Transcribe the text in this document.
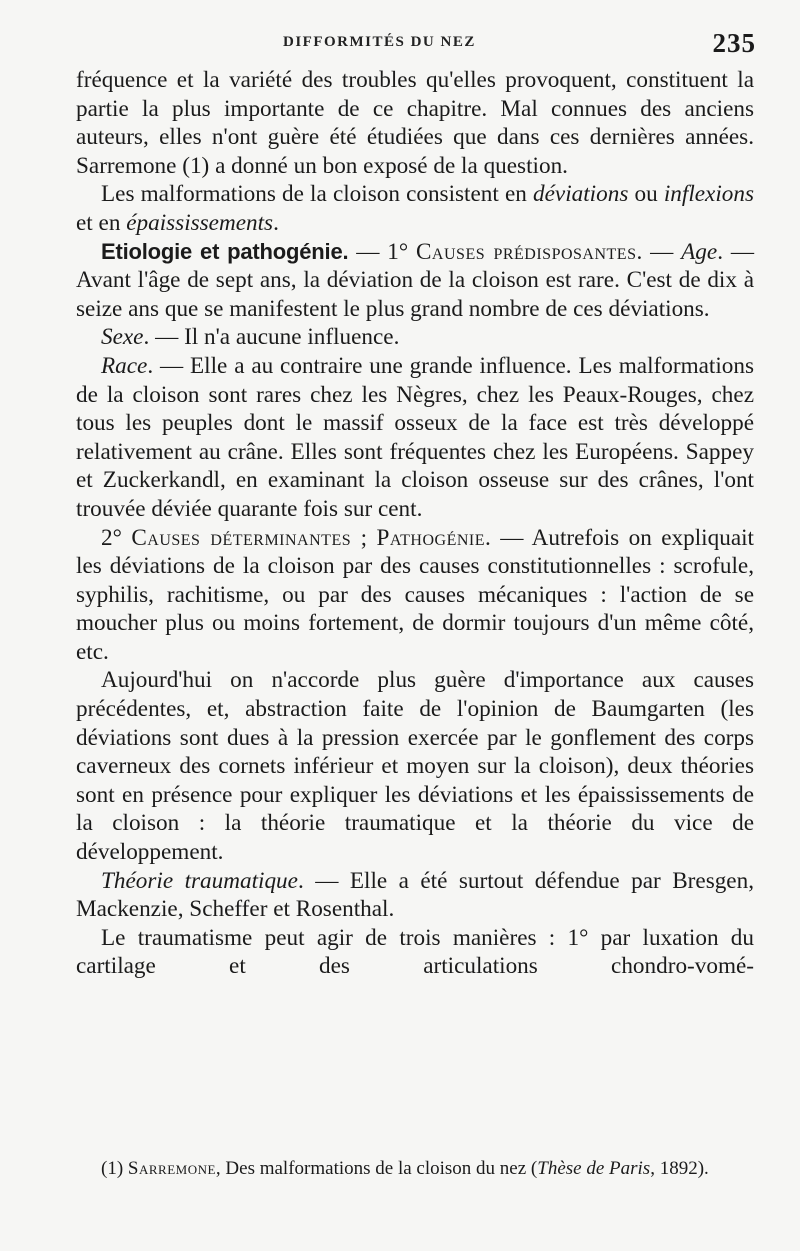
DIFFORMITÉS DU NEZ	235

fréquence et la variété des troubles qu'elles provoquent, constituent la partie la plus importante de ce chapitre. Mal connues des anciens auteurs, elles n'ont guère été étudiées que dans ces dernières années. Sarremone (1) a donné un bon exposé de la question.

Les malformations de la cloison consistent en déviations ou inflexions et en épaississements.

Etiologie et pathogénie. — 1° Causes prédisposantes. — Age. — Avant l'âge de sept ans, la déviation de la cloison est rare. C'est de dix à seize ans que se manifestent le plus grand nombre de ces déviations.

Sexe. — Il n'a aucune influence.

Race. — Elle a au contraire une grande influence. Les malformations de la cloison sont rares chez les Nègres, chez les Peaux-Rouges, chez tous les peuples dont le massif osseux de la face est très développé relativement au crâne. Elles sont fréquentes chez les Européens. Sappey et Zuckerkandl, en examinant la cloison osseuse sur des crânes, l'ont trouvée déviée quarante fois sur cent.

2° Causes déterminantes ; Pathogénie. — Autrefois on expliquait les déviations de la cloison par des causes constitutionnelles : scrofule, syphilis, rachitisme, ou par des causes mécaniques : l'action de se moucher plus ou moins fortement, de dormir toujours d'un même côté, etc.

Aujourd'hui on n'accorde plus guère d'importance aux causes précédentes, et, abstraction faite de l'opinion de Baumgarten (les déviations sont dues à la pression exercée par le gonflement des corps caverneux des cornets inférieur et moyen sur la cloison), deux théories sont en présence pour expliquer les déviations et les épaississements de la cloison : la théorie traumatique et la théorie du vice de développement.

Théorie traumatique. — Elle a été surtout défendue par Bresgen, Mackenzie, Scheffer et Rosenthal.

Le traumatisme peut agir de trois manières : 1° par luxation du cartilage et des articulations chondro-vomé-

(1) Sarremone, Des malformations de la cloison du nez (Thèse de Paris, 1892).
